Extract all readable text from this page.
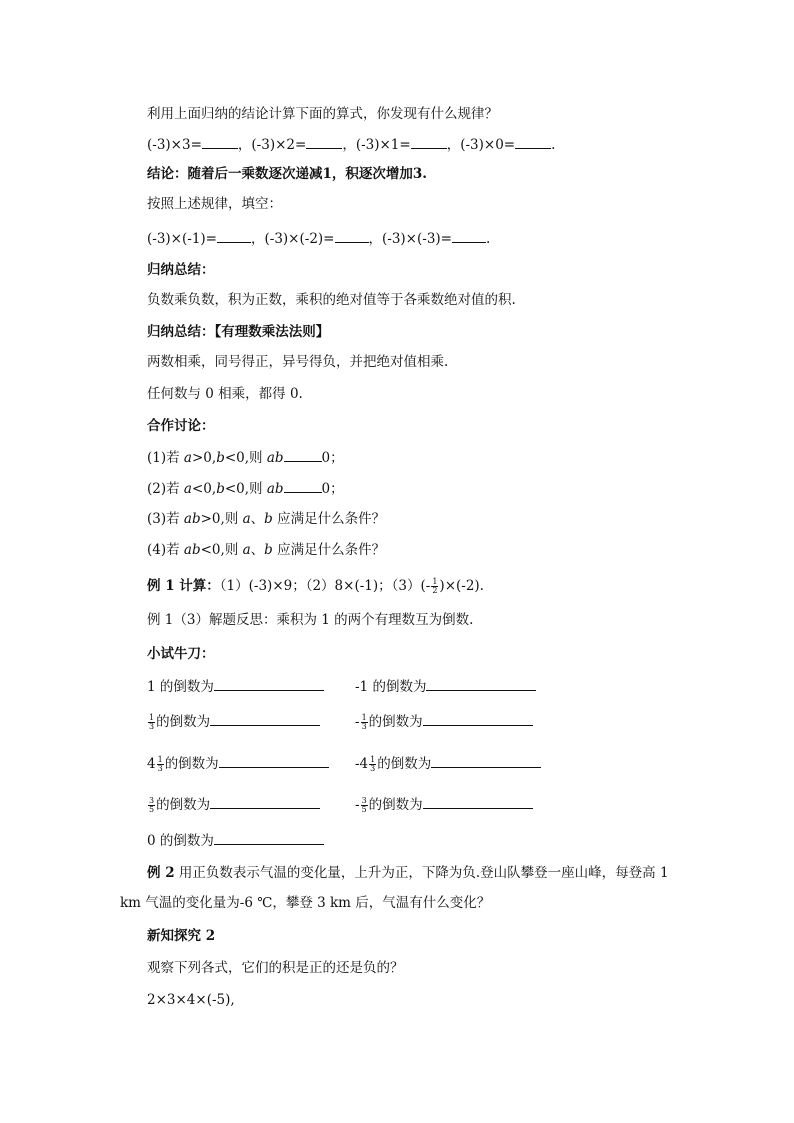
利用上面归纳的结论计算下面的算式，你发现有什么规律？
(-3)×3=	，(-3)×2=	，(-3)×1=	，(-3)×0=	.
结论：随着后一乘数逐次递减1，积逐次增加3.
按照上述规律，填空：
(-3)×(-1)=	，(-3)×(-2)=	，(-3)×(-3)=	.
归纳总结：
负数乘负数，积为正数，乘积的绝对值等于各乘数绝对值的积.
归纳总结：【有理数乘法法则】
两数相乘，同号得正，异号得负，并把绝对值相乘.
任何数与 0 相乘，都得 0.
合作讨论：
(1)若 a>0,b<0,则 ab	0；
(2)若 a<0,b<0,则 ab	0；
(3)若 ab>0,则 a、b 应满足什么条件？
(4)若 ab<0,则 a、b 应满足什么条件？
例 1 计算：（1）(-3)×9；（2）8×(-1)；$(3)(- \frac{1}{2} )\times(-2)$.
例 1（3）解题反思：乘积为 1 的两个有理数互为倒数.
小试牛刀：
1 的倒数为	-1 的倒数为
$\frac{1}{3}$ 的倒数为	- $\frac{1}{3}$ 的倒数为
$4 \frac{1}{3}$ 的倒数为	$-4 \frac{1}{3}$ 的倒数为
$\frac{3}{5}$ 的倒数为	- $\frac{3}{5}$ 的倒数为
0 的倒数为
例 2 用正负数表示气温的变化量，上升为正，下降为负.登山队攀登一座山峰，每登高 1 km 气温的变化量为-6 ℃，攀登 3 km 后，气温有什么变化？
新知探究 2
观察下列各式，它们的积是正的还是负的？
2×3×4×(-5),
